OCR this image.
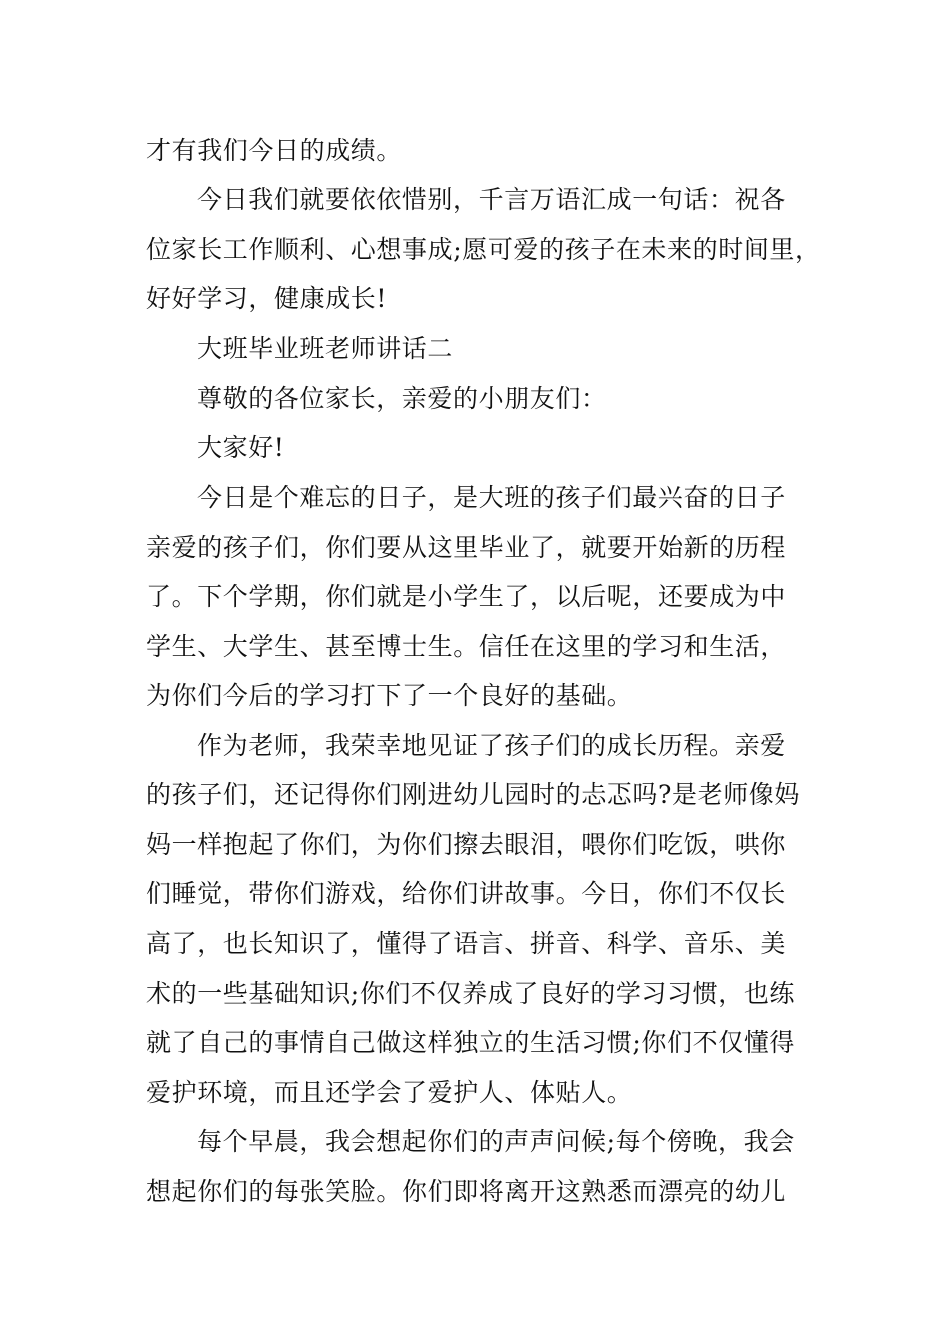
才有我们今日的成绩。
今日我们就要依依惜别，千言万语汇成一句话：祝各
位家长工作顺利、心想事成;愿可爱的孩子在未来的时间里，
好好学习，健康成长!
大班毕业班老师讲话二
尊敬的各位家长，亲爱的小朋友们：
大家好!
今日是个难忘的日子，是大班的孩子们最兴奋的日子
亲爱的孩子们，你们要从这里毕业了，就要开始新的历程
了。下个学期，你们就是小学生了，以后呢，还要成为中
学生、大学生、甚至博士生。信任在这里的学习和生活，
为你们今后的学习打下了一个良好的基础。
作为老师，我荣幸地见证了孩子们的成长历程。亲爱
的孩子们，还记得你们刚进幼儿园时的忐忑吗?是老师像妈
妈一样抱起了你们，为你们擦去眼泪，喂你们吃饭，哄你
们睡觉，带你们游戏，给你们讲故事。今日，你们不仅长
高了，也长知识了，懂得了语言、拼音、科学、音乐、美
术的一些基础知识;你们不仅养成了良好的学习习惯，也练
就了自己的事情自己做这样独立的生活习惯;你们不仅懂得
爱护环境，而且还学会了爱护人、体贴人。
每个早晨，我会想起你们的声声问候;每个傍晚，我会
想起你们的每张笑脸。你们即将离开这熟悉而漂亮的幼儿
